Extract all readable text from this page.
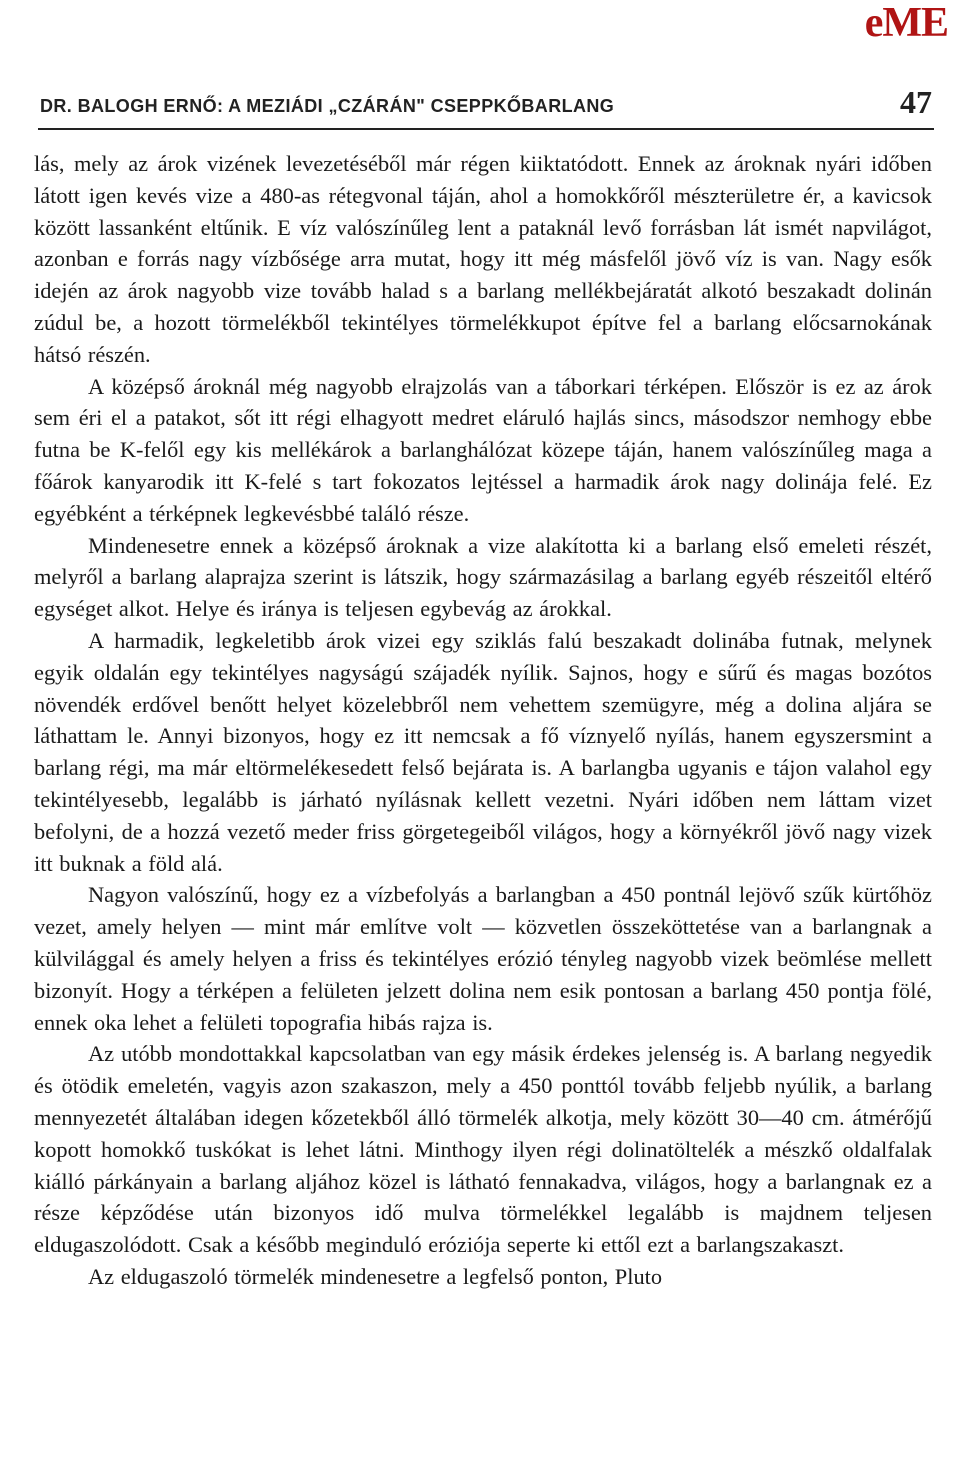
eME
DR. BALOGH ERNŐ: A MEZIÁDI „CZÁRÁN" CSEPPKŐBARLANG	47

lás, mely az árok vizének levezetéséből már régen kiiktatódott. Ennek az ároknak nyári időben látott igen kevés vize a 480-as rétegvonal táján, ahol a homokkőről mészterületre ér, a kavicsok között lassanként eltűnik. E víz valószínűleg lent a pataknál levő forrásban lát ismét napvilágot, azonban e forrás nagy vízbősége arra mutat, hogy itt még másfelől jövő víz is van. Nagy esők idején az árok nagyobb vize tovább halad s a barlang mellékbejáratát alkotó beszakadt dolinán zúdul be, a hozott törmelékből tekintélyes törmelékkupot építve fel a barlang előcsarnokának hátsó részén.

A középső ároknál még nagyobb elrajzolás van a táborkari térképen. Először is ez az árok sem éri el a patakot, sőt itt régi elhagyott medret eláruló hajlás sincs, másodszor nemhogy ebbe futna be K-felől egy kis mellékárok a barlanghálózat közepe táján, hanem valószínűleg maga a főárok kanyarodik itt K-felé s tart fokozatos lejtéssel a harmadik árok nagy dolinája felé. Ez egyébként a térképnek legkevésbbé találó része.

Mindenesetre ennek a középső ároknak a vize alakította ki a barlang első emeleti részét, melyről a barlang alaprajza szerint is látszik, hogy származásilag a barlang egyéb részeitől eltérő egységet alkot. Helye és iránya is teljesen egybevág az árokkal.

A harmadik, legkeletibb árok vizei egy sziklás falú beszakadt dolinába futnak, melynek egyik oldalán egy tekintélyes nagyságú szájadék nyílik. Sajnos, hogy e sűrű és magas bozótos növendék erdővel benőtt helyet közelebbről nem vehettem szemügyre, még a dolina aljára se láthattam le. Annyi bizonyos, hogy ez itt nemcsak a fő víznyelő nyílás, hanem egyszersmint a barlang régi, ma már eltörmelékesedett felső bejárata is. A barlangba ugyanis e tájon valahol egy tekintélyesebb, legalább is járható nyílásnak kellett vezetni. Nyári időben nem láttam vizet befolyni, de a hozzá vezető meder friss görgetegeiből világos, hogy a környékről jövő nagy vizek itt buknak a föld alá.

Nagyon valószínű, hogy ez a vízbefolyás a barlangban a 450 pontnál lejövő szűk kürtőhöz vezet, amely helyen — mint már említve volt — közvetlen összeköttetése van a barlangnak a külvilággal és amely helyen a friss és tekintélyes erózió tényleg nagyobb vizek beömlése mellett bizonyít. Hogy a térképen a felületen jelzett dolina nem esik pontosan a barlang 450 pontja fölé, ennek oka lehet a felületi topografia hibás rajza is.

Az utóbb mondottakkal kapcsolatban van egy másik érdekes jelenség is. A barlang negyedik és ötödik emeletén, vagyis azon szakaszon, mely a 450 ponttól tovább feljebb nyúlik, a barlang mennyezetét általában idegen kőzetekből álló törmelék alkotja, mely között 30—40 cm. átmérőjű kopott homokkő tuskókat is lehet látni. Minthogy ilyen régi dolinatöltelék a mészkő oldalfalak kiálló párkányain a barlang aljához közel is látható fennakadva, világos, hogy a barlangnak ez a része képződése után bizonyos idő mulva törmelékkel legalább is majdnem teljesen eldugaszolódott. Csak a később meginduló eróziója seperte ki ettől ezt a barlangszakaszt.

Az eldugaszoló törmelék mindenesetre a legfelső ponton, Pluto
